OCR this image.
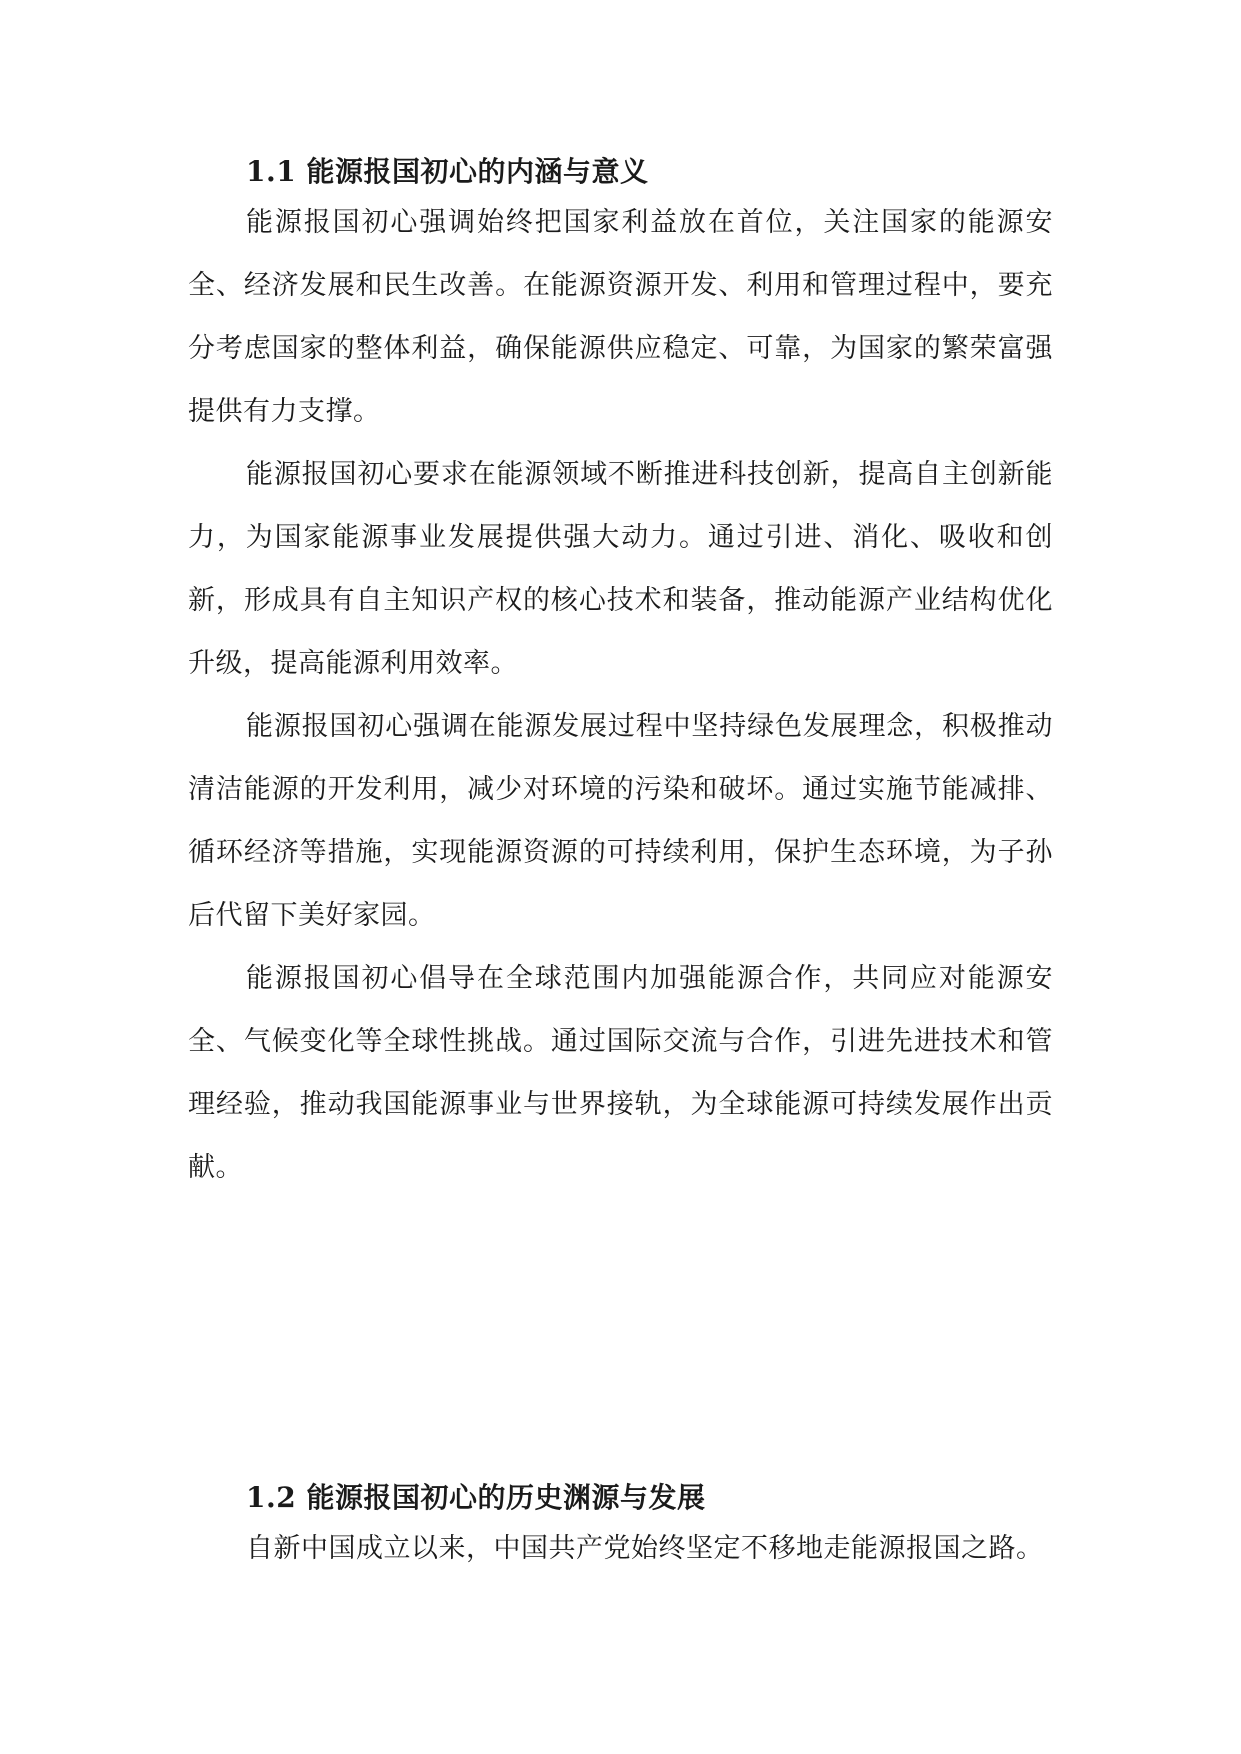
1.1 能源报国初心的内涵与意义

能源报国初心强调始终把国家利益放在首位，关注国家的能源安全、经济发展和民生改善。在能源资源开发、利用和管理过程中，要充分考虑国家的整体利益，确保能源供应稳定、可靠，为国家的繁荣富强提供有力支撑。

能源报国初心要求在能源领域不断推进科技创新，提高自主创新能力，为国家能源事业发展提供强大动力。通过引进、消化、吸收和创新，形成具有自主知识产权的核心技术和装备，推动能源产业结构优化升级，提高能源利用效率。

能源报国初心强调在能源发展过程中坚持绿色发展理念，积极推动清洁能源的开发利用，减少对环境的污染和破坏。通过实施节能减排、循环经济等措施，实现能源资源的可持续利用，保护生态环境，为子孙后代留下美好家园。

能源报国初心倡导在全球范围内加强能源合作，共同应对能源安全、气候变化等全球性挑战。通过国际交流与合作，引进先进技术和管理经验，推动我国能源事业与世界接轨，为全球能源可持续发展作出贡献。

1.2 能源报国初心的历史渊源与发展

自新中国成立以来，中国共产党始终坚定不移地走能源报国之路。
